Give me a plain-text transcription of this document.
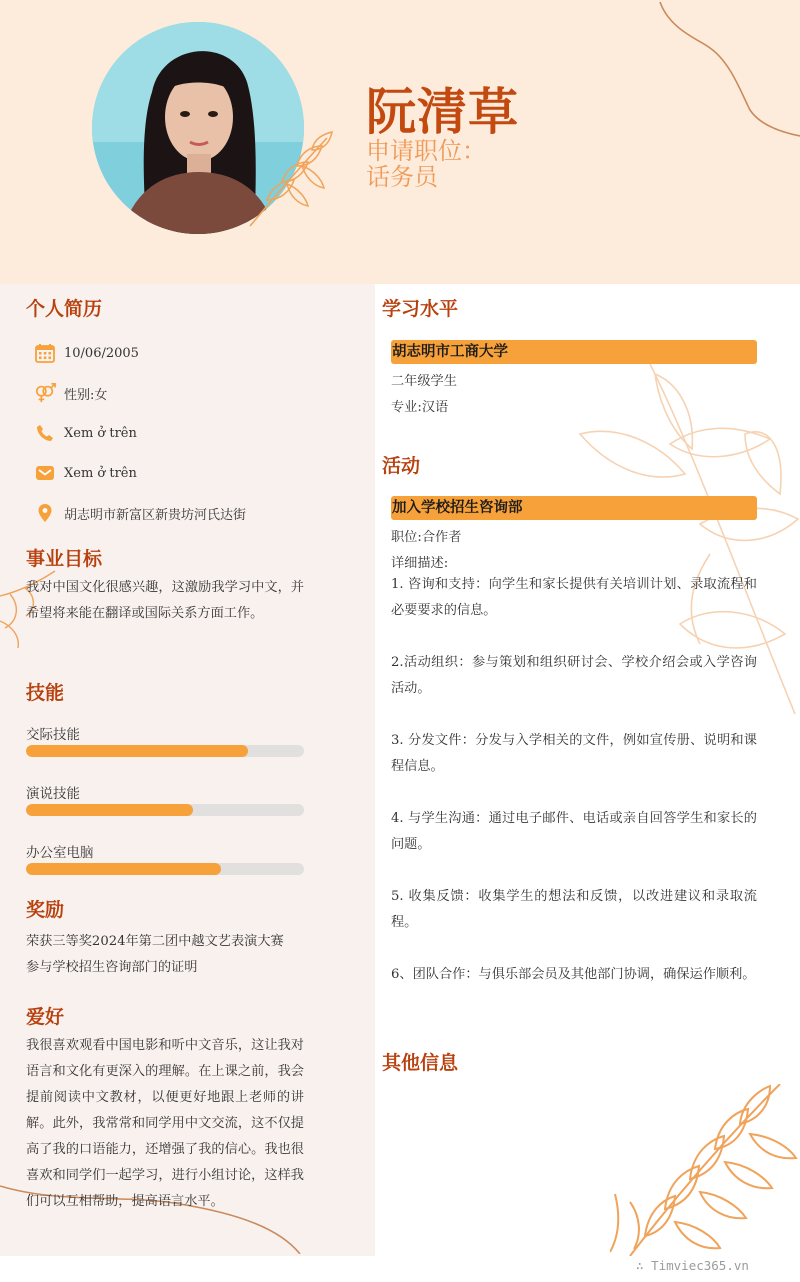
阮清草
申请职位：
话务员
个人简历
10/06/2005
性别:女
Xem ở trên
Xem ở trên
胡志明市新富区新贵坊河氏达街
事业目标
我对中国文化很感兴趣，这激励我学习中文，并希望将来能在翻译或国际关系方面工作。
技能
交际技能
演说技能
办公室电脑
奖励
荣获三等奖2024年第二团中越文艺表演大赛
参与学校招生咨询部门的证明
爱好
我很喜欢观看中国电影和听中文音乐，这让我对语言和文化有更深入的理解。在上课之前，我会提前阅读中文教材，以便更好地跟上老师的讲解。此外，我常常和同学用中文交流，这不仅提高了我的口语能力，还增强了我的信心。我也很喜欢和同学们一起学习，进行小组讨论，这样我们可以互相帮助，提高语言水平。
学习水平
胡志明市工商大学
二年级学生
专业:汉语
活动
加入学校招生咨询部
职位:合作者
详细描述:
1. 咨询和支持：向学生和家长提供有关培训计划、录取流程和必要要求的信息。
2.活动组织：参与策划和组织研讨会、学校介绍会或入学咨询活动。
3. 分发文件：分发与入学相关的文件，例如宣传册、说明和课程信息。
4. 与学生沟通：通过电子邮件、电话或亲自回答学生和家长的问题。
5. 收集反馈：收集学生的想法和反馈，以改进建议和录取流程。
6、团队合作：与俱乐部会员及其他部门协调，确保运作顺利。
其他信息
∴ Timviec365.vn
